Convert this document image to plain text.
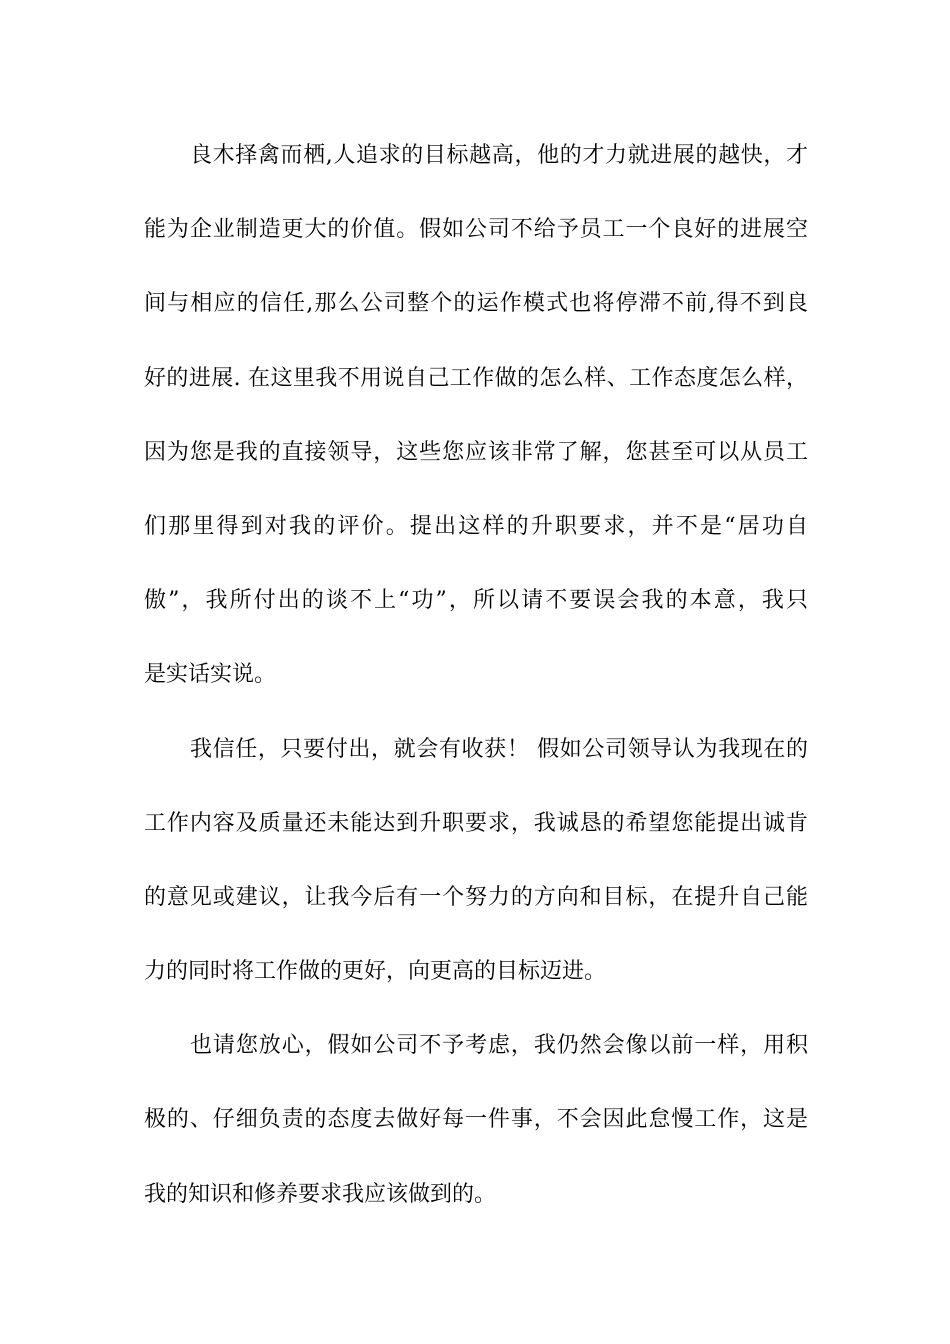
良木择禽而栖,人追求的目标越高，他的才力就进展的越快，才
能为企业制造更大的价值。假如公司不给予员工一个良好的进展空
间与相应的信任,那么公司整个的运作模式也将停滞不前,得不到良
好的进展. 在这里我不用说自己工作做的怎么样、工作态度怎么样，
因为您是我的直接领导，这些您应该非常了解，您甚至可以从员工
们那里得到对我的评价。提出这样的升职要求，并不是“居功自
傲”，我所付出的谈不上“功”，所以请不要误会我的本意，我只
是实话实说。
我信任，只要付出，就会有收获！ 假如公司领导认为我现在的
工作内容及质量还未能达到升职要求，我诚恳的希望您能提出诚肯
的意见或建议，让我今后有一个努力的方向和目标，在提升自己能
力的同时将工作做的更好，向更高的目标迈进。
也请您放心，假如公司不予考虑，我仍然会像以前一样，用积
极的、仔细负责的态度去做好每一件事，不会因此怠慢工作，这是
我的知识和修养要求我应该做到的。
